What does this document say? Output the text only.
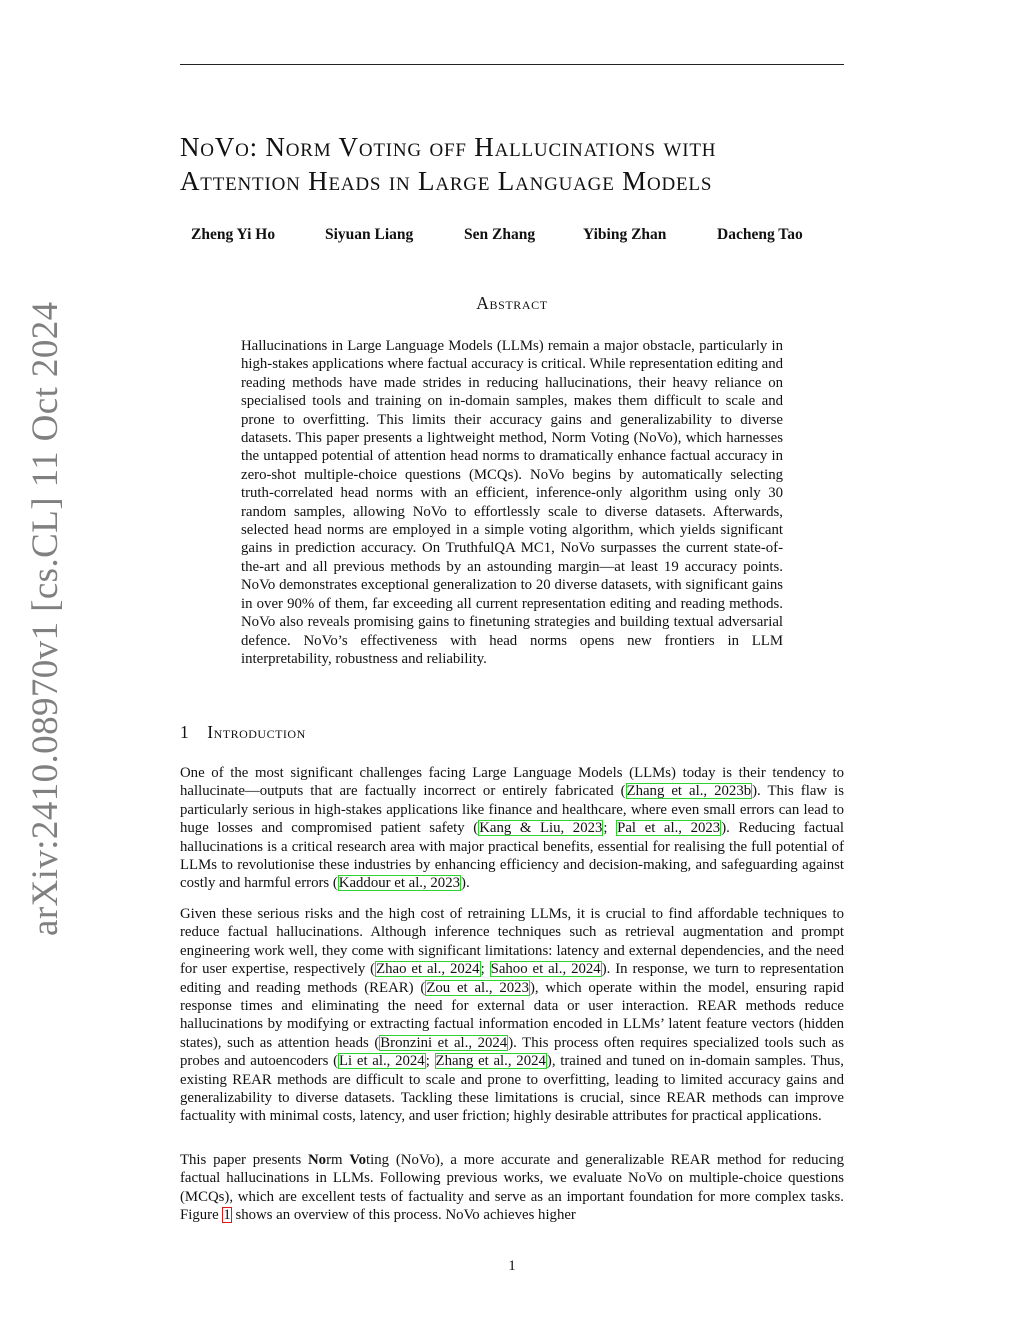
arXiv:2410.08970v1 [cs.CL] 11 Oct 2024
NoVo: Norm Voting off Hallucinations with
Attention Heads in Large Language Models
Zheng Yi Ho	Siyuan Liang	Sen Zhang	Yibing Zhan	Dacheng Tao
Abstract
Hallucinations in Large Language Models (LLMs) remain a major obstacle, particularly in high-stakes applications where factual accuracy is critical. While representation editing and reading methods have made strides in reducing hallucinations, their heavy reliance on specialised tools and training on in-domain samples, makes them difficult to scale and prone to overfitting. This limits their accuracy gains and generalizability to diverse datasets. This paper presents a lightweight method, Norm Voting (NoVo), which harnesses the untapped potential of attention head norms to dramatically enhance factual accuracy in zero-shot multiple-choice questions (MCQs). NoVo begins by automatically selecting truth-correlated head norms with an efficient, inference-only algorithm using only 30 random samples, allowing NoVo to effortlessly scale to diverse datasets. Afterwards, selected head norms are employed in a simple voting algorithm, which yields significant gains in prediction accuracy. On TruthfulQA MC1, NoVo surpasses the current state-of-the-art and all previous methods by an astounding margin—at least 19 accuracy points. NoVo demonstrates exceptional generalization to 20 diverse datasets, with significant gains in over 90% of them, far exceeding all current representation editing and reading methods. NoVo also reveals promising gains to finetuning strategies and building textual adversarial defence. NoVo’s effectiveness with head norms opens new frontiers in LLM interpretability, robustness and reliability.
1 Introduction
One of the most significant challenges facing Large Language Models (LLMs) today is their tendency to hallucinate—outputs that are factually incorrect or entirely fabricated (Zhang et al., 2023b). This flaw is particularly serious in high-stakes applications like finance and healthcare, where even small errors can lead to huge losses and compromised patient safety (Kang & Liu, 2023; Pal et al., 2023). Reducing factual hallucinations is a critical research area with major practical benefits, essential for realising the full potential of LLMs to revolutionise these industries by enhancing efficiency and decision-making, and safeguarding against costly and harmful errors (Kaddour et al., 2023).
Given these serious risks and the high cost of retraining LLMs, it is crucial to find affordable techniques to reduce factual hallucinations. Although inference techniques such as retrieval augmentation and prompt engineering work well, they come with significant limitations: latency and external dependencies, and the need for user expertise, respectively (Zhao et al., 2024; Sahoo et al., 2024). In response, we turn to representation editing and reading methods (REAR) (Zou et al., 2023), which operate within the model, ensuring rapid response times and eliminating the need for external data or user interaction. REAR methods reduce hallucinations by modifying or extracting factual information encoded in LLMs’ latent feature vectors (hidden states), such as attention heads (Bronzini et al., 2024). This process often requires specialized tools such as probes and autoencoders (Li et al., 2024; Zhang et al., 2024), trained and tuned on in-domain samples. Thus, existing REAR methods are difficult to scale and prone to overfitting, leading to limited accuracy gains and generalizability to diverse datasets. Tackling these limitations is crucial, since REAR methods can improve factuality with minimal costs, latency, and user friction; highly desirable attributes for practical applications.
This paper presents Norm Voting (NoVo), a more accurate and generalizable REAR method for reducing factual hallucinations in LLMs. Following previous works, we evaluate NoVo on multiple-choice questions (MCQs), which are excellent tests of factuality and serve as an important foundation for more complex tasks. Figure 1 shows an overview of this process. NoVo achieves higher
1
